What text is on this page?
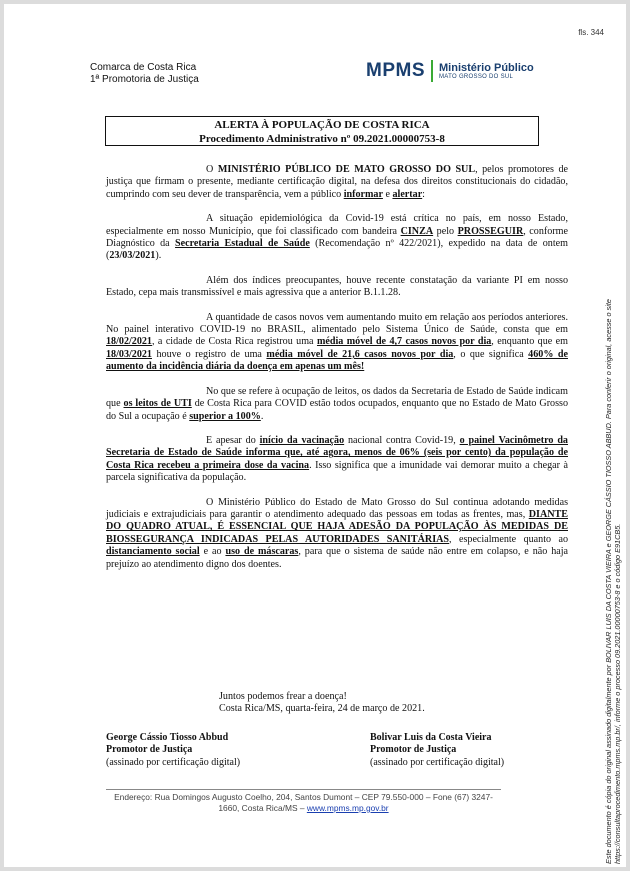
fls. 344
Comarca de Costa Rica
1ª Promotoria de Justiça	MPMS Ministério Público
MATO GROSSO DO SUL
ALERTA À POPULAÇÃO DE COSTA RICA
Procedimento Administrativo nº 09.2021.00000753-8

O MINISTÉRIO PÚBLICO DE MATO GROSSO DO SUL, pelos promotores de justiça que firmam o presente, mediante certificação digital, na defesa dos direitos constitucionais do cidadão, cumprindo com seu dever de transparência, vem a público informar e alertar:

A situação epidemiológica da Covid-19 está crítica no país, em nosso Estado, especialmente em nosso Município, que foi classificado com bandeira CINZA pelo PROSSEGUIR, conforme Diagnóstico da Secretaria Estadual de Saúde (Recomendação nº 422/2021), expedido na data de ontem (23/03/2021).

Além dos índices preocupantes, houve recente constatação da variante PI em nosso Estado, cepa mais transmissível e mais agressiva que a anterior B.1.1.28.

A quantidade de casos novos vem aumentando muito em relação aos períodos anteriores. No painel interativo COVID-19 no BRASIL, alimentado pelo Sistema Único de Saúde, consta que em 18/02/2021, a cidade de Costa Rica registrou uma média móvel de 4,7 casos novos por dia, enquanto que em 18/03/2021 houve o registro de uma média móvel de 21,6 casos novos por dia, o que significa 460% de aumento da incidência diária da doença em apenas um mês!

No que se refere à ocupação de leitos, os dados da Secretaria de Estado de Saúde indicam que os leitos de UTI de Costa Rica para COVID estão todos ocupados, enquanto que no Estado de Mato Grosso do Sul a ocupação é superior a 100%.

E apesar do início da vacinação nacional contra Covid-19, o painel Vacinômetro da Secretaria de Estado de Saúde informa que, até agora, menos de 06% (seis por cento) da população de Costa Rica recebeu a primeira dose da vacina. Isso significa que a imunidade vai demorar muito a chegar à parcela significativa da população.

O Ministério Público do Estado de Mato Grosso do Sul continua adotando medidas judiciais e extrajudiciais para garantir o atendimento adequado das pessoas em todas as frentes, mas, DIANTE DO QUADRO ATUAL, É ESSENCIAL QUE HAJA ADESÃO DA POPULAÇÃO ÀS MEDIDAS DE BIOSSEGURANÇA INDICADAS PELAS AUTORIDADES SANITÁRIAS, especialmente quanto ao distanciamento social e ao uso de máscaras, para que o sistema de saúde não entre em colapso, e não haja prejuízo ao atendimento digno dos doentes.

Juntos podemos frear a doença!
Costa Rica/MS, quarta-feira, 24 de março de 2021.
George Cássio Tiosso Abbud
Promotor de Justiça
(assinado por certificação digital)
Bolivar Luis da Costa Vieira
Promotor de Justiça
(assinado por certificação digital)
Endereço: Rua Domingos Augusto Coelho, 204, Santos Dumont – CEP 79.550-000 – Fone (67) 3247-1660, Costa Rica/MS – www.mpms.mp.gov.br	Este documento é cópia do original assinado digitalmente por BOLIVAR LUIS DA COSTA VIEIRA e GEORGE CÁSSIO TIOSSO ABBUD. Para conferir o original, acesse o site https://consultaprocedimento.mpms.mp.br/, informe o processo 09.2021.00000753-8 e o código E91CB5.
